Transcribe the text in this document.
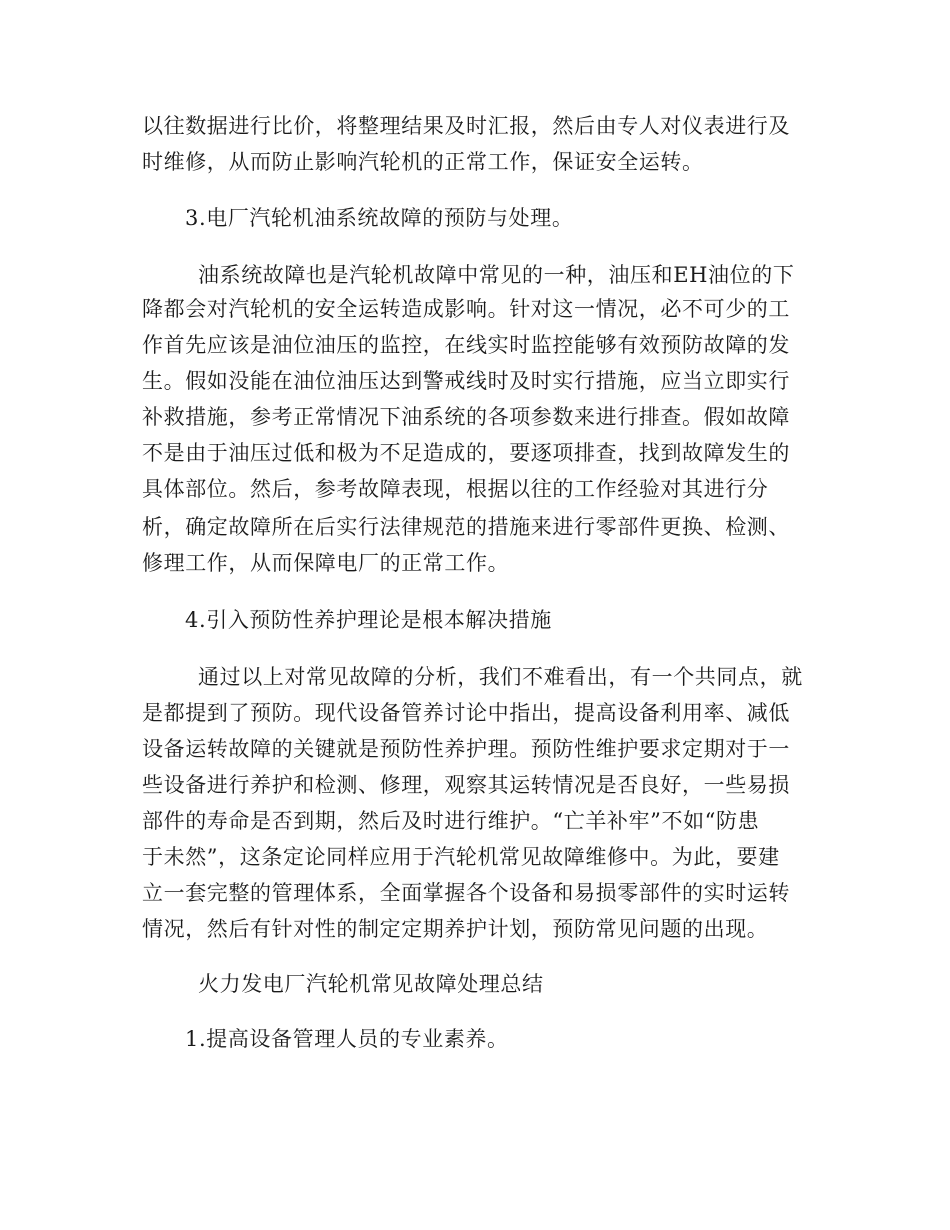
以往数据进行比价，将整理结果及时汇报，然后由专人对仪表进行及
时维修，从而防止影响汽轮机的正常工作，保证安全运转。
3.电厂汽轮机油系统故障的预防与处理。
油系统故障也是汽轮机故障中常见的一种，油压和EH油位的下
降都会对汽轮机的安全运转造成影响。针对这一情况，必不可少的工
作首先应该是油位油压的监控，在线实时监控能够有效预防故障的发
生。假如没能在油位油压达到警戒线时及时实行措施，应当立即实行
补救措施，参考正常情况下油系统的各项参数来进行排查。假如故障
不是由于油压过低和极为不足造成的，要逐项排查，找到故障发生的
具体部位。然后，参考故障表现，根据以往的工作经验对其进行分
析，确定故障所在后实行法律规范的措施来进行零部件更换、检测、
修理工作，从而保障电厂的正常工作。
4.引入预防性养护理论是根本解决措施
通过以上对常见故障的分析，我们不难看出，有一个共同点，就
是都提到了预防。现代设备管养讨论中指出，提高设备利用率、减低
设备运转故障的关键就是预防性养护理。预防性维护要求定期对于一
些设备进行养护和检测、修理，观察其运转情况是否良好，一些易损
部件的寿命是否到期，然后及时进行维护。“亡羊补牢”不如“防患
于未然”，这条定论同样应用于汽轮机常见故障维修中。为此，要建
立一套完整的管理体系，全面掌握各个设备和易损零部件的实时运转
情况，然后有针对性的制定定期养护计划，预防常见问题的出现。
火力发电厂汽轮机常见故障处理总结
1.提高设备管理人员的专业素养。
